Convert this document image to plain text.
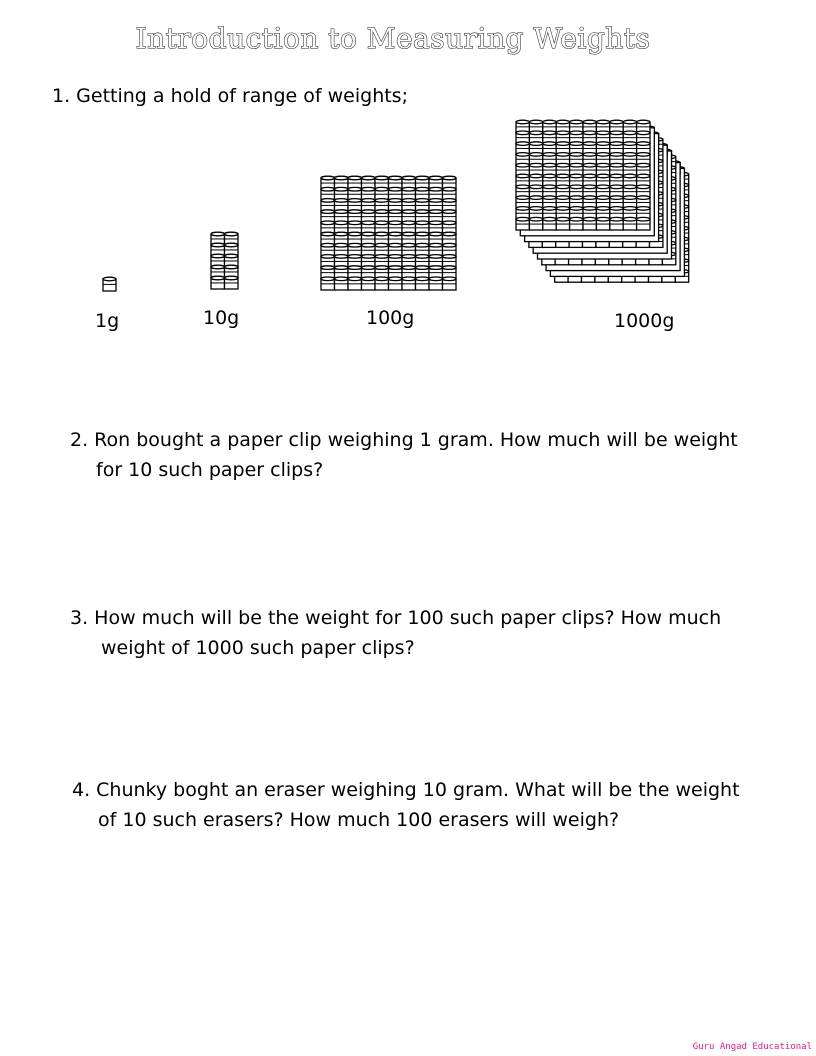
Introduction to Measuring Weights
1. Getting a hold of range of weights;
1g	10g	100g	1000g
2. Ron bought a paper clip weighing 1 gram. How much will be weight
for 10 such paper clips?
3. How much will be the weight for 100 such paper clips? How much
weight of 1000 such paper clips?
4. Chunky boght an eraser weighing 10 gram. What will be the weight
of 10 such erasers? How much 100 erasers will weigh?
Guru Angad Educational
